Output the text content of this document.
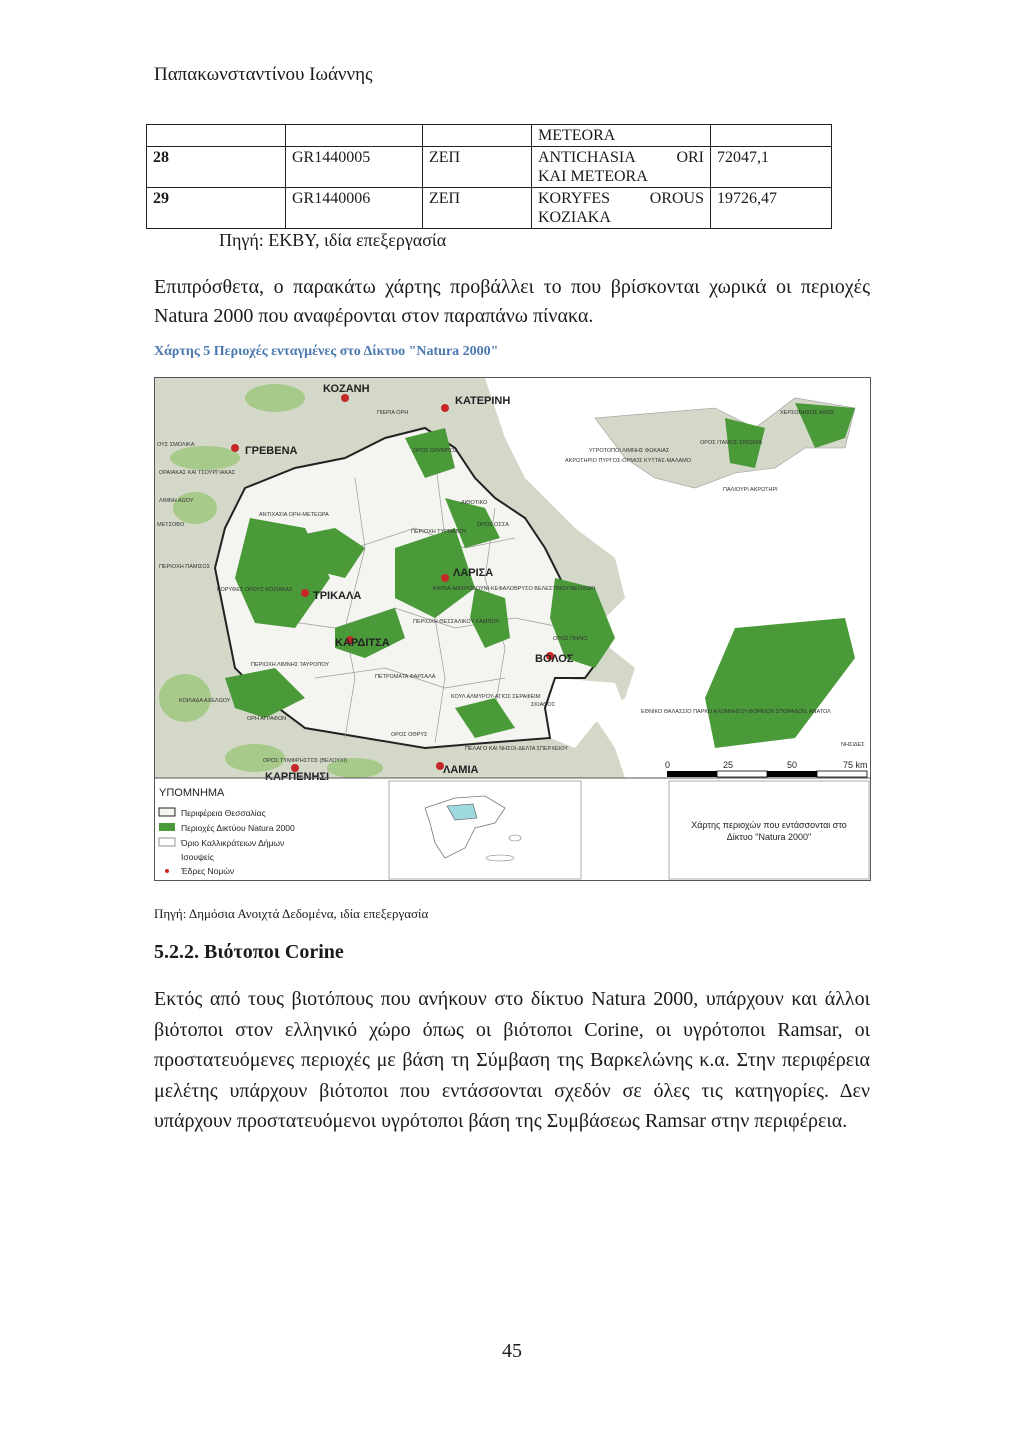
Παπακωνσταντίνου Ιωάννης

			METEORA	

28	GR1440005	ΖΕΠ	ANTICHASIA ORI
KAI METEORA	72047,1
29	GR1440006	ΖΕΠ	KORYFES OROUS
KOZIAKA	19726,47
Πηγή: ΕΚΒΥ, ιδία επεξεργασία
Επιπρόσθετα, ο παρακάτω χάρτης προβάλλει το που βρίσκονται χωρικά οι περιοχές Natura 2000 που αναφέρονται στον παραπάνω πίνακα.
Χάρτης 5 Περιοχές ενταγμένες στο Δίκτυο "Natura 2000"
ΚΟΖΑΝΗ
ΚΑΤΕΡΙΝΗ
ΓΡΕΒΕΝΑ
ΤΡΙΚΑΛΑ
ΛΑΡΙΣΑ
ΚΑΡΔΙΤΣΑ
ΒΟΛΟΣ
ΚΑΡΠΕΝΗΣΙ
ΛΑΜΙΑ
ΠΙΕΡΙΑ ΟΡΗ
ΟΡΟΣ ΟΛΥΜΠΟΣ
ΑΝΤΙΧΑΣΙΑ ΟΡΗ-ΜΕΤΕΩΡΑ
ΚΟΡΥΦΕΣ ΟΡΟΥΣ ΚΟΖΙΑΚΑΣ
ΠΕΡΙΟΧΗ ΘΕΣΣΑΛΙΚΟΥ ΚΑΜΠΟΥ
ΠΕΡΙΟΧΗ ΤΥΡΝΑΒΟΥ
ΚΑΡΛΑ-ΜΑΥΡΟΒΟΥΝΙ-ΚΕΦΑΛΟΒΡΥΣΟ ΒΕΛΕΣΤΙΝΟΥ-ΝΕΟΧΩΡΙ
ΟΡΟΣ ΠΗΛΙΟ
ΟΡΟΣ ΟΣΣΑ
ΕΘΝΙΚΟ ΘΑΛΑΣΣΙΟ ΠΑΡΚΟ ΑΛΟΝΝΗΣΟΥ-ΒΟΡΕΙΩΝ ΣΠΟΡΑΔΩΝ, ΑΝΑΤΟΛ
ΧΕΡΣΟΝΗΣΟΣ ΑΘΩΣ
ΟΡΟΣ ΙΤΑΜΟΣ-ΣΙΘΩΝΙΑ
ΥΓΡΟΤΟΠΟΙ ΛΙΜΝΗΣ ΦΩΚΑΙΑΣ
ΑΚΡΩΤΗΡΙΟ ΠΥΡΓΟΣ-ΟΡΜΟΣ ΚΥΤΤΑΣ-ΜΑΛΑΜΟ
ΠΑΛΙΟΥΡΙ ΑΚΡΩΤΗΡΙ
ΟΡΗ ΑΓΡΑΦΩΝ
ΠΕΡΙΟΧΗ ΛΙΜΝΗΣ ΤΑΥΡΟΠΟΥ
ΚΟΙΛΑΔΑ ΑΧΕΛΩΟΥ
ΚΟΥΛ ΑΛΜΥΡΟΥ-ΑΓΙΟΣ ΣΕΡΑΦΕΙΜ
ΟΡΟΣ ΟΘΡΥΣ
ΣΚΙΑΘΟΣ
ΠΕΛΑΓΟ ΚΑΙ ΝΗΣΟΙ-ΔΕΛΤΑ ΣΠΕΡΧΕΙΟΥ
ΟΡΟΣ ΤΥΜΦΡΗΣΤΟΣ (ΒΕΛΟΥΧΙ)
ΜΕΤΣΟΒΟ
ΠΕΡΙΟΧΗ ΠΑΜΙΣΟΣ
ΝΗΣΙΔΕΣ
ΟΥΣ ΣΜΟΛΙΚΑ
ΟΡΑΙΑΚΑΣ ΚΑΙ ΤΣΟΥΡΓΙΑΚΑΣ
ΛΙΜΝΗ ΑΩΟΥ	ΑΙΘΟΤΙΚΟ
ΠΕΤΡΩΜΑΤΑ ΦΑΡΣΑΛΑ
0	25	50	75 km
ΥΠΟΜΝΗΜΑ
Περιφέρεια Θεσσαλίας
Περιοχές Δικτύου Natura 2000
Όριο Καλλικράτειων Δήμων
Ισουψείς
Έδρες Νομών
Χάρτης περιοχών που εντάσσονται στο
Δίκτυο "Natura 2000"
Πηγή: Δημόσια Ανοιχτά Δεδομένα, ιδία επεξεργασία
5.2.2. Βιότοποι Corine
Εκτός από τους βιοτόπους που ανήκουν στο δίκτυο Natura 2000, υπάρχουν και άλλοι βιότοποι στον ελληνικό χώρο όπως οι βιότοποι Corine, οι υγρότοποι Ramsar, οι προστατευόμενες περιοχές με βάση τη Σύμβαση της Βαρκελώνης κ.α. Στην περιφέρεια μελέτης υπάρχουν βιότοποι που εντάσσονται σχεδόν σε όλες τις κατηγορίες. Δεν υπάρχουν προστατευόμενοι υγρότοποι βάση της Συμβάσεως Ramsar στην περιφέρεια.
45
